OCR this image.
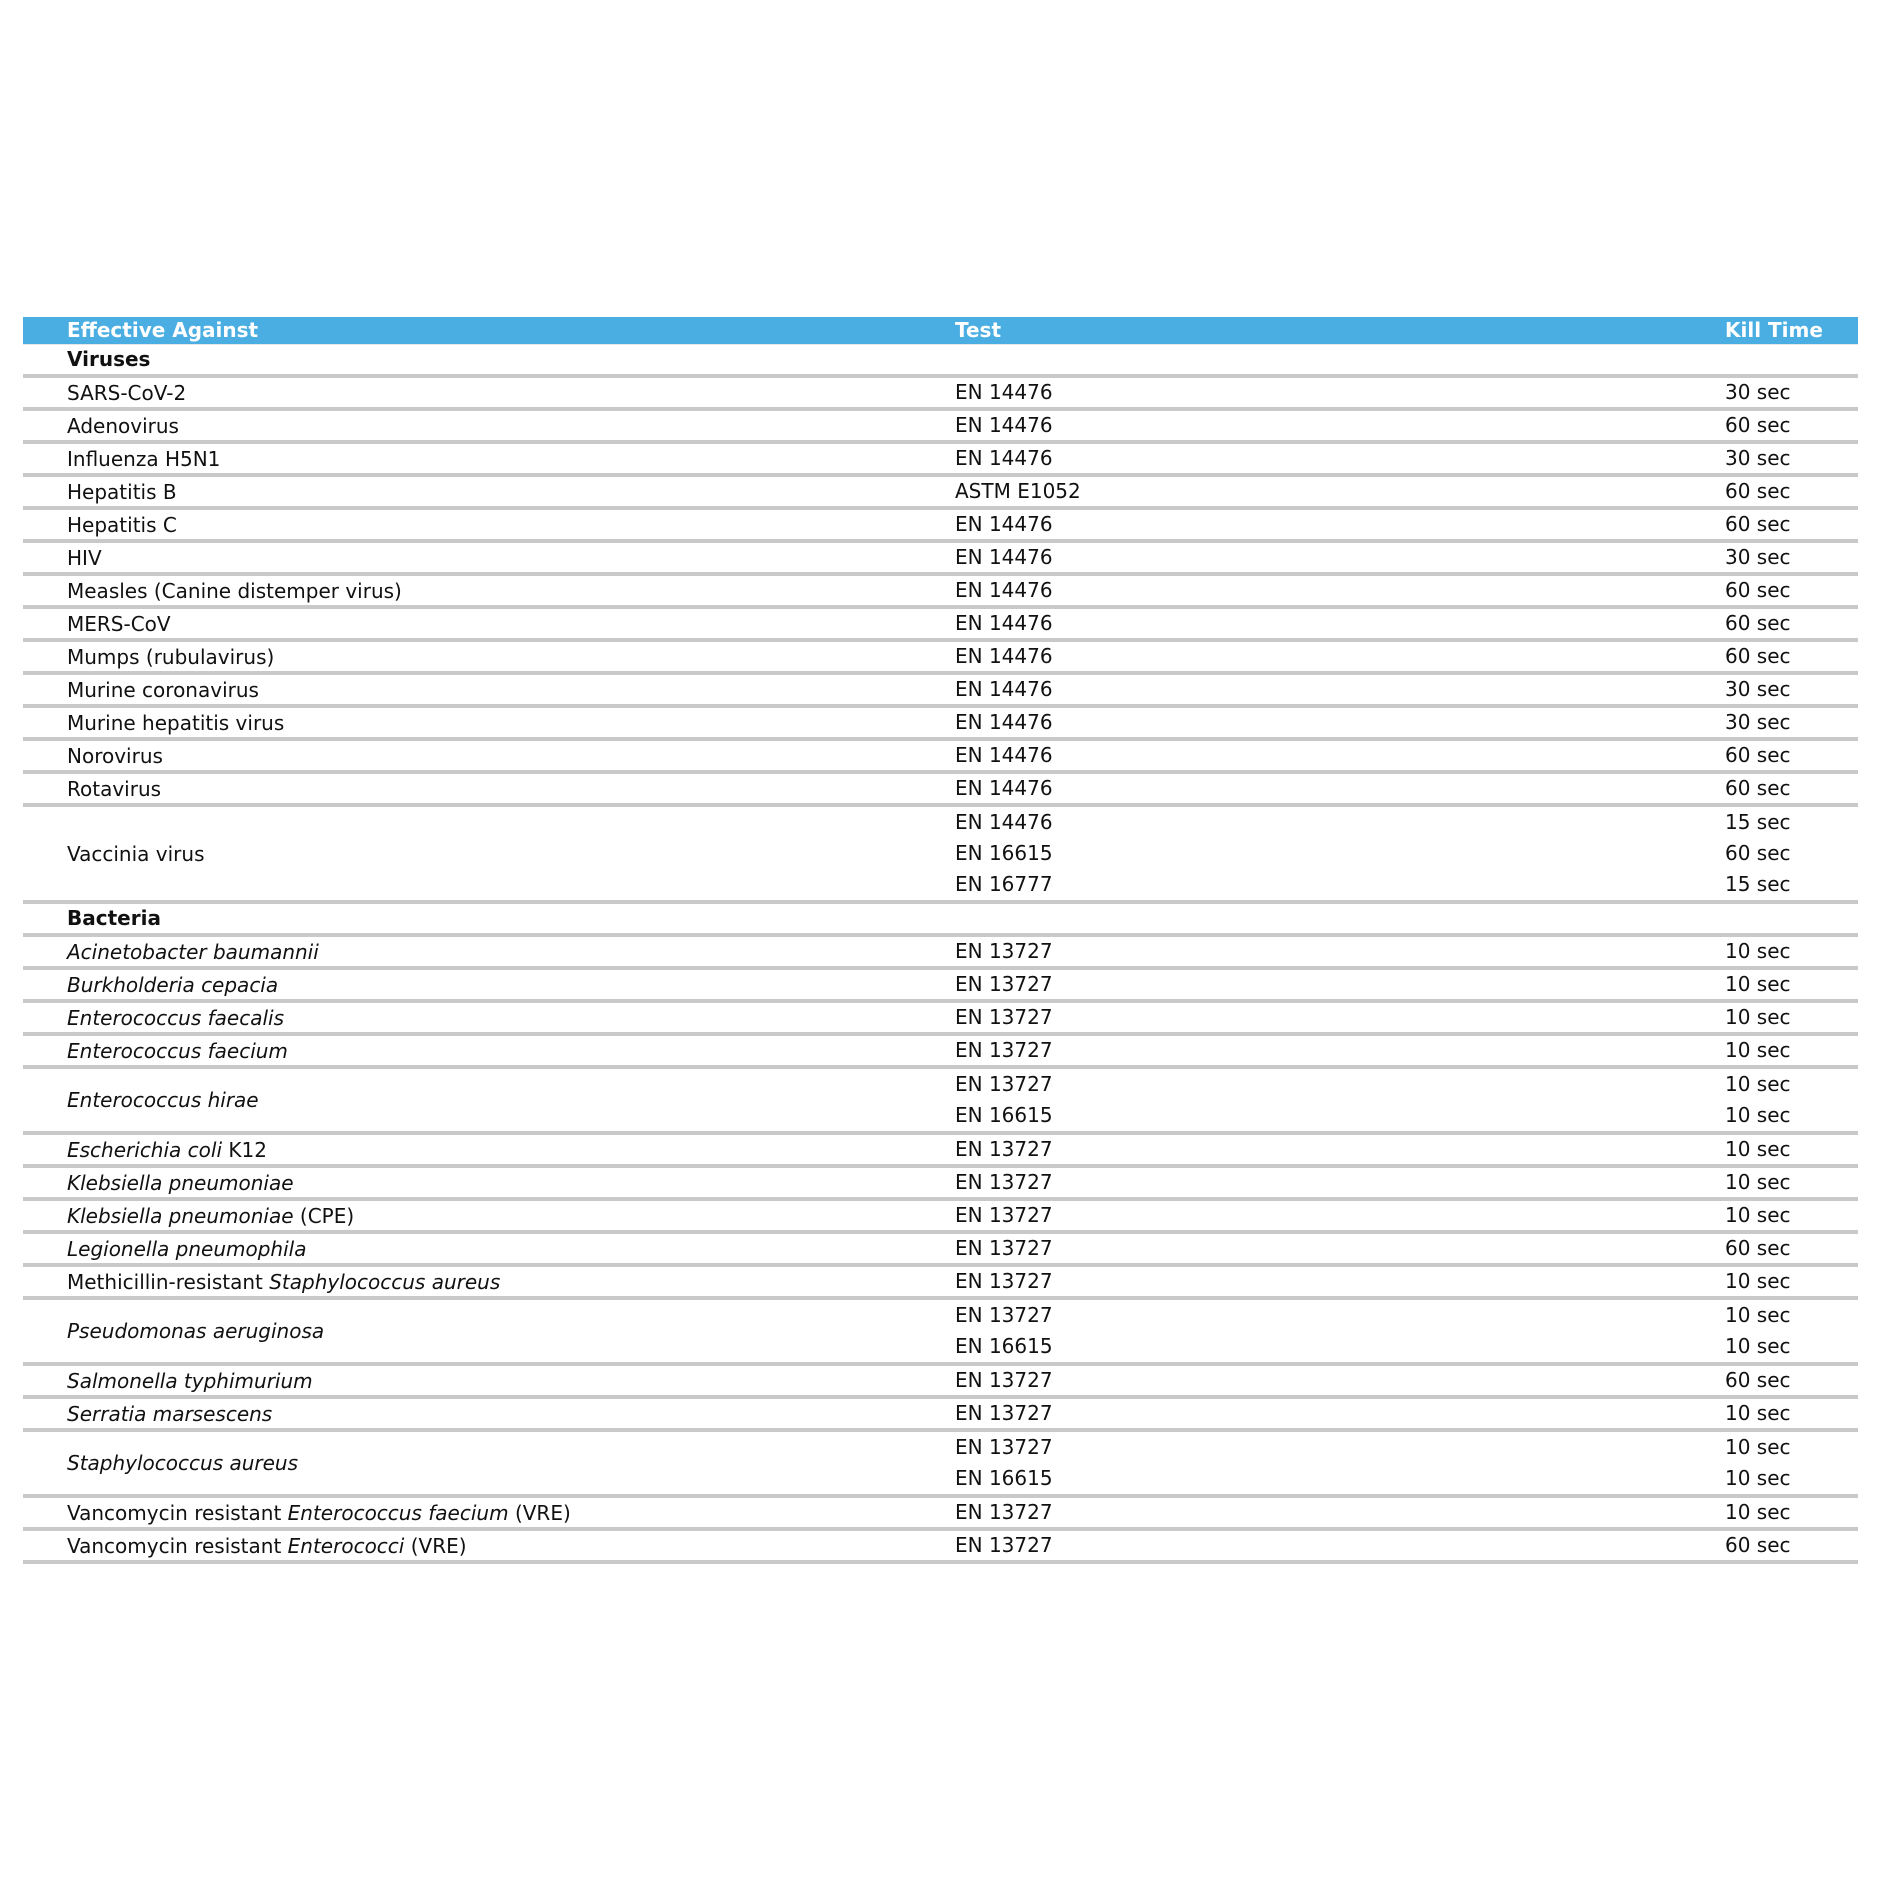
Effective Against	Test	Kill Time
Viruses
SARS-CoV-2	EN 14476	30 sec
Adenovirus	EN 14476	60 sec
Influenza H5N1	EN 14476	30 sec
Hepatitis B	ASTM E1052	60 sec
Hepatitis C	EN 14476	60 sec
HIV	EN 14476	30 sec
Measles (Canine distemper virus)	EN 14476	60 sec
MERS-CoV	EN 14476	60 sec
Mumps (rubulavirus)	EN 14476	60 sec
Murine coronavirus	EN 14476	30 sec
Murine hepatitis virus	EN 14476	30 sec
Norovirus	EN 14476	60 sec
Rotavirus	EN 14476	60 sec
Vaccinia virus
EN 14476	15 sec
EN 16615	60 sec
EN 16777	15 sec
Bacteria
Acinetobacter baumannii	EN 13727	10 sec
Burkholderia cepacia	EN 13727	10 sec
Enterococcus faecalis	EN 13727	10 sec
Enterococcus faecium	EN 13727	10 sec
Enterococcus hirae
EN 13727	10 sec
EN 16615	10 sec
Escherichia coli K12	EN 13727	10 sec
Klebsiella pneumoniae	EN 13727	10 sec
Klebsiella pneumoniae (CPE)	EN 13727	10 sec
Legionella pneumophila	EN 13727	60 sec
Methicillin-resistant Staphylococcus aureus	EN 13727	10 sec
Pseudomonas aeruginosa
EN 13727	10 sec
EN 16615	10 sec
Salmonella typhimurium	EN 13727	60 sec
Serratia marsescens	EN 13727	10 sec
Staphylococcus aureus
EN 13727	10 sec
EN 16615	10 sec
Vancomycin resistant Enterococcus faecium (VRE)	EN 13727	10 sec
Vancomycin resistant Enterococci (VRE)	EN 13727	60 sec
